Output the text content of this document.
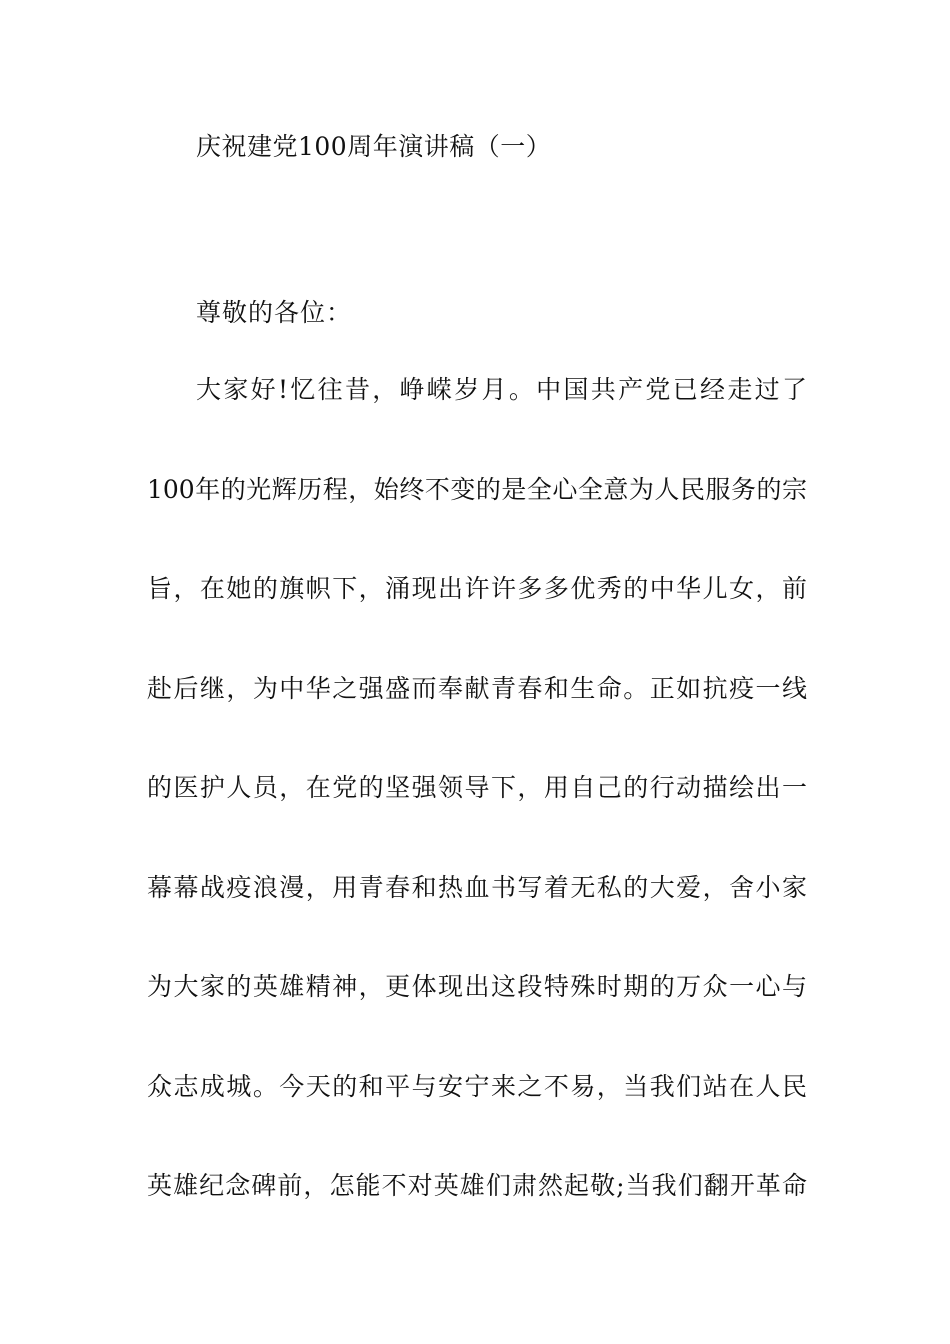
庆祝建党100周年演讲稿（一）
尊敬的各位：
大家好!忆往昔，峥嵘岁月。中国共产党已经走过了
100年的光辉历程，始终不变的是全心全意为人民服务的宗
旨，在她的旗帜下，涌现出许许多多优秀的中华儿女，前
赴后继，为中华之强盛而奉献青春和生命。正如抗疫一线
的医护人员，在党的坚强领导下，用自己的行动描绘出一
幕幕战疫浪漫，用青春和热血书写着无私的大爱，舍小家
为大家的英雄精神，更体现出这段特殊时期的万众一心与
众志成城。今天的和平与安宁来之不易，当我们站在人民
英雄纪念碑前，怎能不对英雄们肃然起敬;当我们翻开革命
